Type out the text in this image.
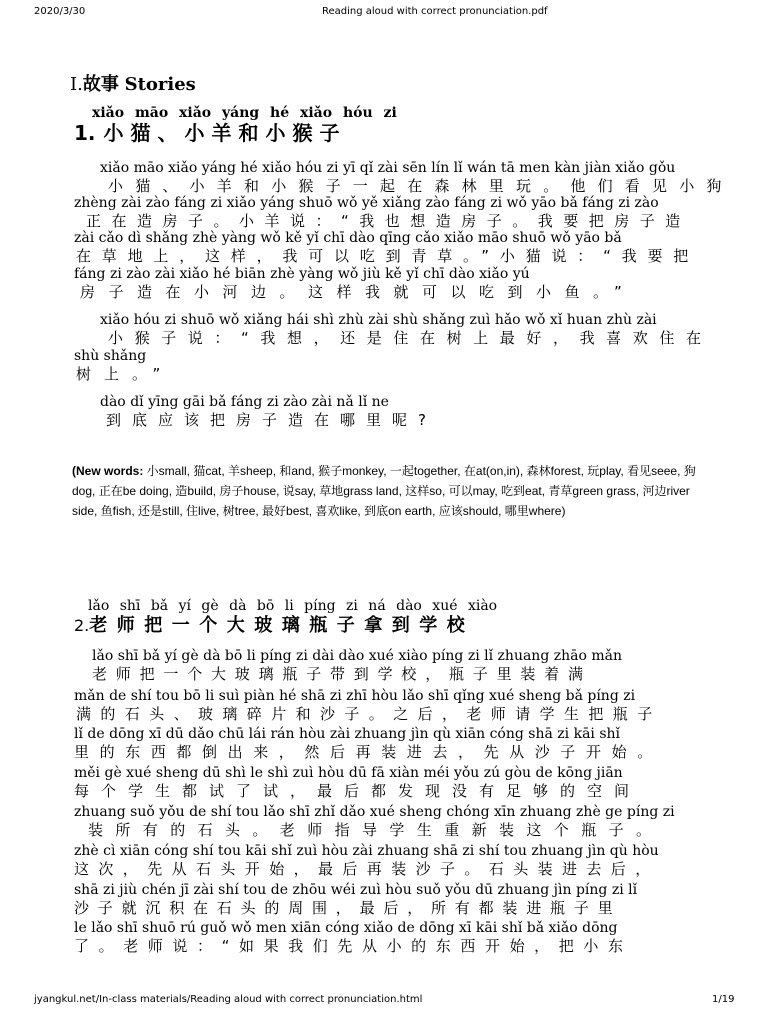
2020/3/30	Reading aloud with correct pronunciation.pdf
I.故事 Stories
xiǎo māo xiǎo yáng hé xiǎo hóu zi
1. 小猫、小羊和小猴子
xiǎo māo xiǎo yáng hé xiǎo hóu zi yī qǐ zài sēn lín lǐ wán tā men kàn jiàn xiǎo gǒu
小猫、小羊和小猴子一起在森林里玩。他们看见小狗
zhèng zài zào fáng zi xiǎo yáng shuō wǒ yě xiǎng zào fáng zi wǒ yāo bǎ fáng zi zào
正在造房子。小羊说：“我也想造房子。我要把房子造
zài cǎo dì shǎng zhè yàng wǒ kě yǐ chī dào qīng cǎo xiǎo māo shuō wǒ yāo bǎ
在草地上，这样，我可以吃到青草。”小猫说：“我要把
fáng zi zào zài xiǎo hé biān zhè yàng wǒ jiù kě yǐ chī dào xiǎo yú
房子造在小河边。这样我就可以吃到小鱼。”
xiǎo hóu zi shuō wǒ xiǎng hái shì zhù zài shù shǎng zuì hǎo wǒ xǐ huan zhù zài
小猴子说：“我想，还是住在树上最好，我喜欢住在
shù shǎng
树上。”
dào dǐ yīng gāi bǎ fáng zi zào zài nǎ lǐ ne
到底应该把房子造在哪里呢?
(New words: 小small, 猫cat, 羊sheep, 和and, 猴子monkey, 一起together, 在at(on,in), 森林forest, 玩play, 看见seee, 狗dog, 正在be doing, 造build, 房子house, 说say, 草地grass land, 这样so, 可以may, 吃到eat, 青草green grass, 河边river side, 鱼fish, 还是still, 住live, 树tree, 最好best, 喜欢like, 到底on earth, 应该should, 哪里where)
lǎo shī bǎ yí gè dà bō li píng zi ná dào xué xiào
2.老师把一个大玻璃瓶子拿到学校
lǎo shī bǎ yí gè dà bō li píng zi dài dào xué xiào píng zi lǐ zhuang zhāo mǎn
老师把一个大玻璃瓶子带到学校，瓶子里装着满
mǎn de shí tou bō li suì piàn hé shā zi zhī hòu lǎo shī qǐng xué sheng bǎ píng zi
满的石头、玻璃碎片和沙子。之后，老师请学生把瓶子
lǐ de dōng xī dū dǎo chū lái rán hòu zài zhuang jìn qù xiān cóng shā zi kāi shǐ
里的东西都倒出来，然后再装进去，先从沙子开始。
měi gè xué sheng dū shì le shì zuì hòu dū fā xiàn méi yǒu zú gòu de kōng jiān
每个学生都试了试，最后都发现没有足够的空间
zhuang suǒ yǒu de shí tou lǎo shī zhǐ dǎo xué sheng chóng xīn zhuang zhè ge píng zi
装所有的石头。老师指导学生重新装这个瓶子。
zhè cì xiān cóng shí tou kāi shǐ zuì hòu zài zhuang shā zi shí tou zhuang jìn qù hòu
这次，先从石头开始，最后再装沙子。石头装进去后，
shā zi jiù chén jī zài shí tou de zhōu wéi zuì hòu suǒ yǒu dū zhuang jìn píng zi lǐ
沙子就沉积在石头的周围，最后，所有都装进瓶子里
le lǎo shī shuō rú guǒ wǒ men xiān cóng xiǎo de dōng xī kāi shǐ bǎ xiǎo dōng
了。老师说：“如果我们先从小的东西开始，把小东
jyangkul.net/In-class materials/Reading aloud with correct pronunciation.html	1/19
